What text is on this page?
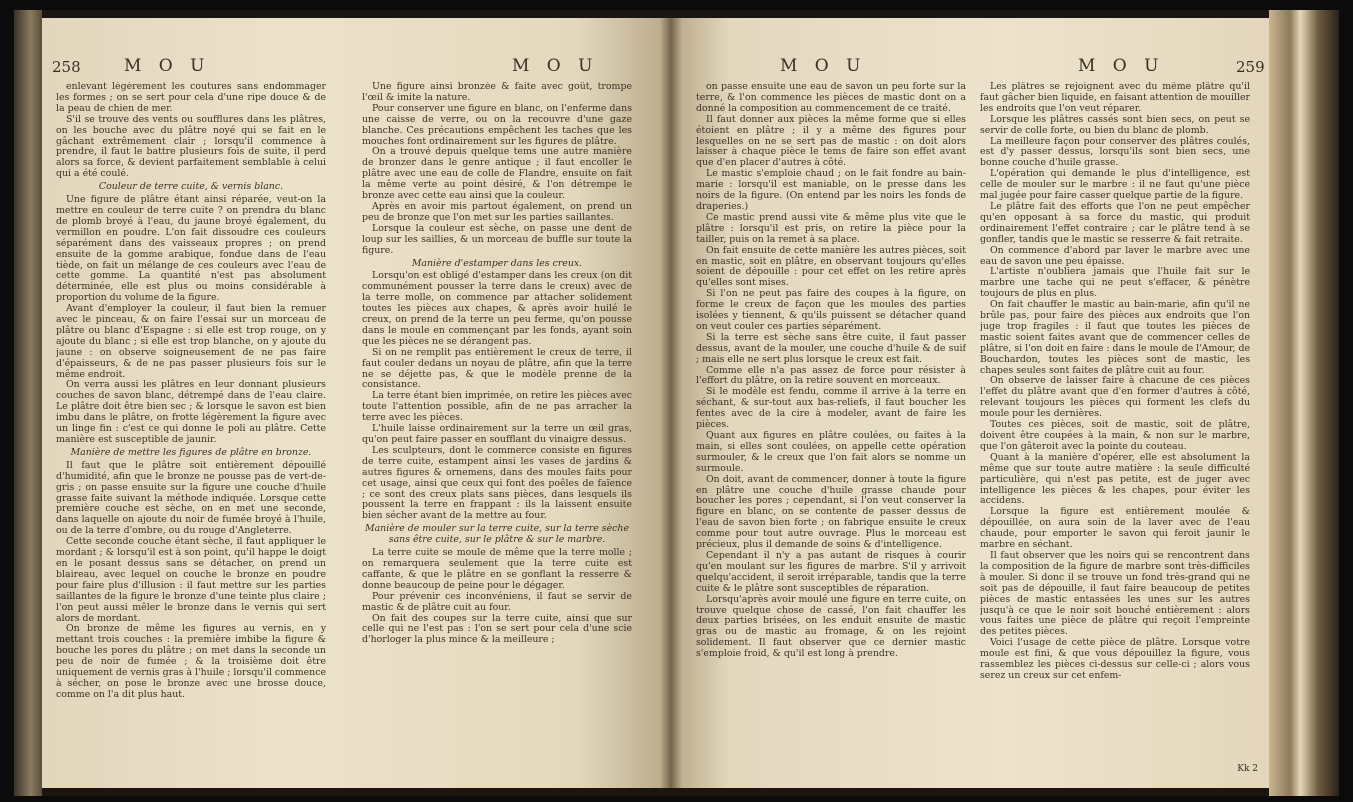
258	M O U	M O U

enlevant légèrement les coutures sans endommager les formes ; on se sert pour cela d'une ripe douce & de la peau de chien de mer.

S'il se trouve des vents ou soufflures dans les plâtres, on les bouche avec du plâtre noyé qui se fait en le gâchant extrêmement clair ; lorsqu'il commence à prendre, il faut le battre plusieurs fois de suite, il perd alors sa force, & devient parfaitement semblable à celui qui a été coulé.

Couleur de terre cuite, & vernis blanc.

Une figure de plâtre étant ainsi réparée, veut-on la mettre en couleur de terre cuite ? on prendra du blanc de plomb broyé à l'eau, du jaune broyé également, du vermillon en poudre. L'on fait dissoudre ces couleurs séparément dans des vaisseaux propres ; on prend ensuite de la gomme arabique, fondue dans de l'eau tiède, on fait un mélange de ces couleurs avec l'eau de cette gomme. La quantité n'est pas absolument déterminée, elle est plus ou moins considérable à proportion du volume de la figure.

Avant d'employer la couleur, il faut bien la remuer avec le pinceau, & on faire l'essai sur un morceau de plâtre ou blanc d'Espagne : si elle est trop rouge, on y ajoute du blanc ; si elle est trop blanche, on y ajoute du jaune : on observe soigneusement de ne pas faire d'épaisseurs, & de ne pas passer plusieurs fois sur le même endroit.

On verra aussi les plâtres en leur donnant plusieurs couches de savon blanc, détrempé dans de l'eau claire. Le plâtre doit être bien sec ; & lorsque le savon est bien imbu dans le plâtre, on frotte légèrement la figure avec un linge fin : c'est ce qui donne le poli au plâtre. Cette manière est susceptible de jaunir.

Manière de mettre les figures de plâtre en bronze.

Il faut que le plâtre soit entièrement dépouillé d'humidité, afin que le bronze ne pousse pas de vert-de-gris ; on passe ensuite sur la figure une couche d'huile grasse faite suivant la méthode indiquée. Lorsque cette première couche est sèche, on en met une seconde, dans laquelle on ajoute du noir de fumée broyé à l'huile, ou de la terre d'ombre, ou du rouge d'Angleterre.

Cette seconde couche étant sèche, il faut appliquer le mordant ; & lorsqu'il est à son point, qu'il happe le doigt en le posant dessus sans se détacher, on prend un blaireau, avec lequel on couche le bronze en poudre pour faire plus d'illusion : il faut mettre sur les parties saillantes de la figure le bronze d'une teinte plus claire ; l'on peut aussi mêler le bronze dans le vernis qui sert alors de mordant.

On bronze de même les figures au vernis, en y mettant trois couches : la première imbibe la figure & bouche les pores du plâtre ; on met dans la seconde un peu de noir de fumée ; & la troisième doit être uniquement de vernis gras à l'huile ; lorsqu'il commence à sécher, on pose le bronze avec une brosse douce, comme on l'a dit plus haut.

Une figure ainsi bronzée & faite avec goût, trompe l'œil & imite la nature.

Pour conserver une figure en blanc, on l'enferme dans une caisse de verre, ou on la recouvre d'une gaze blanche. Ces précautions empêchent les taches que les mouches font ordinairement sur les figures de plâtre.

On a trouvé depuis quelque tems une autre manière de bronzer dans le genre antique ; il faut encoller le plâtre avec une eau de colle de Flandre, ensuite on fait la même verte au point désiré, & l'on détrempe le bronze avec cette eau ainsi que la couleur.

Après en avoir mis partout également, on prend un peu de bronze que l'on met sur les parties saillantes.

Lorsque la couleur est sèche, on passe une dent de loup sur les saillies, & un morceau de buffle sur toute la figure.

Manière d'estamper dans les creux.

Lorsqu'on est obligé d'estamper dans les creux (on dit communément pousser la terre dans le creux) avec de la terre molle, on commence par attacher solidement toutes les pièces aux chapes, & après avoir huilé le creux, on prend de la terre un peu ferme, qu'on pousse dans le moule en commençant par les fonds, ayant soin que les pièces ne se dérangent pas.

Si on ne remplit pas entièrement le creux de terre, il faut couler dedans un noyau de plâtre, afin que la terre ne se déjette pas, & que le modèle prenne de la consistance.

La terre étant bien imprimée, on retire les pièces avec toute l'attention possible, afin de ne pas arracher la terre avec les pièces.

L'huile laisse ordinairement sur la terre un œil gras, qu'on peut faire passer en soufflant du vinaigre dessus.

Les sculpteurs, dont le commerce consiste en figures de terre cuite, estampent ainsi les vases de jardins & autres figures & ornemens, dans des moules faits pour cet usage, ainsi que ceux qui font des poêles de faïence ; ce sont des creux plats sans pièces, dans lesquels ils poussent la terre en frappant : ils la laissent ensuite bien sécher avant de la mettre au four.

Manière de mouler sur la terre cuite, sur la terre sèche sans être cuite, sur le plâtre & sur le marbre.

La terre cuite se moule de même que la terre molle ; on remarquera seulement que la terre cuite est caffante, & que le plâtre en se gonflant la resserre & donne beaucoup de peine pour le dégager.

Pour prévenir ces inconvéniens, il faut se servir de mastic & de plâtre cuit au four.

On fait des coupes sur la terre cuite, ainsi que sur celle qui ne l'est pas : l'on se sert pour cela d'une scie d'horloger la plus mince & la meilleure ;

M O U	M O U	259

on passe ensuite une eau de savon un peu forte sur la terre, & l'on commence les pièces de mastic dont on a donné la composition au commencement de ce traité.

Il faut donner aux pièces la même forme que si elles étoient en plâtre ; il y a même des figures pour lesquelles on ne se sert pas de mastic : on doit alors laisser à chaque pièce le tems de faire son effet avant que d'en placer d'autres à côté.

Le mastic s'emploie chaud ; on le fait fondre au bain-marie : lorsqu'il est maniable, on le presse dans les noirs de la figure. (On entend par les noirs les fonds de draperies.)

Ce mastic prend aussi vite & même plus vite que le plâtre : lorsqu'il est pris, on retire la pièce pour la tailler, puis on la remet à sa place.

On fait ensuite de cette manière les autres pièces, soit en mastic, soit en plâtre, en observant toujours qu'elles soient de dépouille : pour cet effet on les retire après qu'elles sont mises.

Si l'on ne peut pas faire des coupes à la figure, on forme le creux de façon que les moules des parties isolées y tiennent, & qu'ils puissent se détacher quand on veut couler ces parties séparément.

Si la terre est sèche sans être cuite, il faut passer dessus, avant de la mouler, une couche d'huile & de suif ; mais elle ne sert plus lorsque le creux est fait.

Comme elle n'a pas assez de force pour résister à l'effort du plâtre, on la retire souvent en morceaux.

Si le modèle est fendu, comme il arrive à la terre en séchant, & sur-tout aux bas-reliefs, il faut boucher les fentes avec de la cire à modeler, avant de faire les pièces.

Quant aux figures en plâtre coulées, ou faites à la main, si elles sont coulées, on appelle cette opération surmouler, & le creux que l'on fait alors se nomme un surmoule.

On doit, avant de commencer, donner à toute la figure en plâtre une couche d'huile grasse chaude pour boucher les pores ; cependant, si l'on veut conserver la figure en blanc, on se contente de passer dessus de l'eau de savon bien forte ; on fabrique ensuite le creux comme pour tout autre ouvrage. Plus le morceau est précieux, plus il demande de soins & d'intelligence.

Cependant il n'y a pas autant de risques à courir qu'en moulant sur les figures de marbre. S'il y arrivoit quelqu'accident, il seroit irréparable, tandis que la terre cuite & le plâtre sont susceptibles de réparation.

Lorsqu'après avoir moulé une figure en terre cuite, on trouve quelque chose de cassé, l'on fait chauffer les deux parties brisées, on les enduit ensuite de mastic gras ou de mastic au fromage, & on les rejoint solidement. Il faut observer que ce dernier mastic s'emploie froid, & qu'il est long à prendre.

Les plâtres se rejoignent avec du même plâtre qu'il faut gâcher bien liquide, en faisant attention de mouiller les endroits que l'on veut réparer.

Lorsque les plâtres cassés sont bien secs, on peut se servir de colle forte, ou bien du blanc de plomb.

La meilleure façon pour conserver des plâtres coulés, est d'y passer dessus, lorsqu'ils sont bien secs, une bonne couche d'huile grasse.

L'opération qui demande le plus d'intelligence, est celle de mouler sur le marbre : il ne faut qu'une pièce mal jugée pour faire casser quelque partie de la figure.

Le plâtre fait des efforts que l'on ne peut empêcher qu'en opposant à sa force du mastic, qui produit ordinairement l'effet contraire ; car le plâtre tend à se gonfler, tandis que le mastic se resserre & fait retraite.

On commence d'abord par laver le marbre avec une eau de savon une peu épaisse.

L'artiste n'oubliera jamais que l'huile fait sur le marbre une tache qui ne peut s'effacer, & pénètre toujours de plus en plus.

On fait chauffer le mastic au bain-marie, afin qu'il ne brûle pas, pour faire des pièces aux endroits que l'on juge trop fragiles : il faut que toutes les pièces de mastic soient faites avant que de commencer celles de plâtre, si l'on doit en faire : dans le moule de l'Amour, de Bouchardon, toutes les pièces sont de mastic, les chapes seules sont faites de plâtre cuit au four.

On observe de laisser faire à chacune de ces pièces l'effet du plâtre avant que d'en former d'autres à côté, relevant toujours les pièces qui forment les clefs du moule pour les dernières.

Toutes ces pièces, soit de mastic, soit de plâtre, doivent être coupées à la main, & non sur le marbre, que l'on gâteroit avec la pointe du couteau.

Quant à la manière d'opérer, elle est absolument la même que sur toute autre matière : la seule difficulté particulière, qui n'est pas petite, est de juger avec intelligence les pièces & les chapes, pour éviter les accidens.

Lorsque la figure est entièrement moulée & dépouillée, on aura soin de la laver avec de l'eau chaude, pour emporter le savon qui feroit jaunir le marbre en séchant.

Il faut observer que les noirs qui se rencontrent dans la composition de la figure de marbre sont très-difficiles à mouler. Si donc il se trouve un fond très-grand qui ne soit pas de dépouille, il faut faire beaucoup de petites pièces de mastic entassées les unes sur les autres jusqu'à ce que le noir soit bouché entièrement : alors vous faites une pièce de plâtre qui reçoit l'empreinte des petites pièces.

Voici l'usage de cette pièce de plâtre. Lorsque votre moule est fini, & que vous dépouillez la figure, vous rassemblez les pièces ci-dessus sur celle-ci ; alors vous serez un creux sur cet enfem-

Kk 2
